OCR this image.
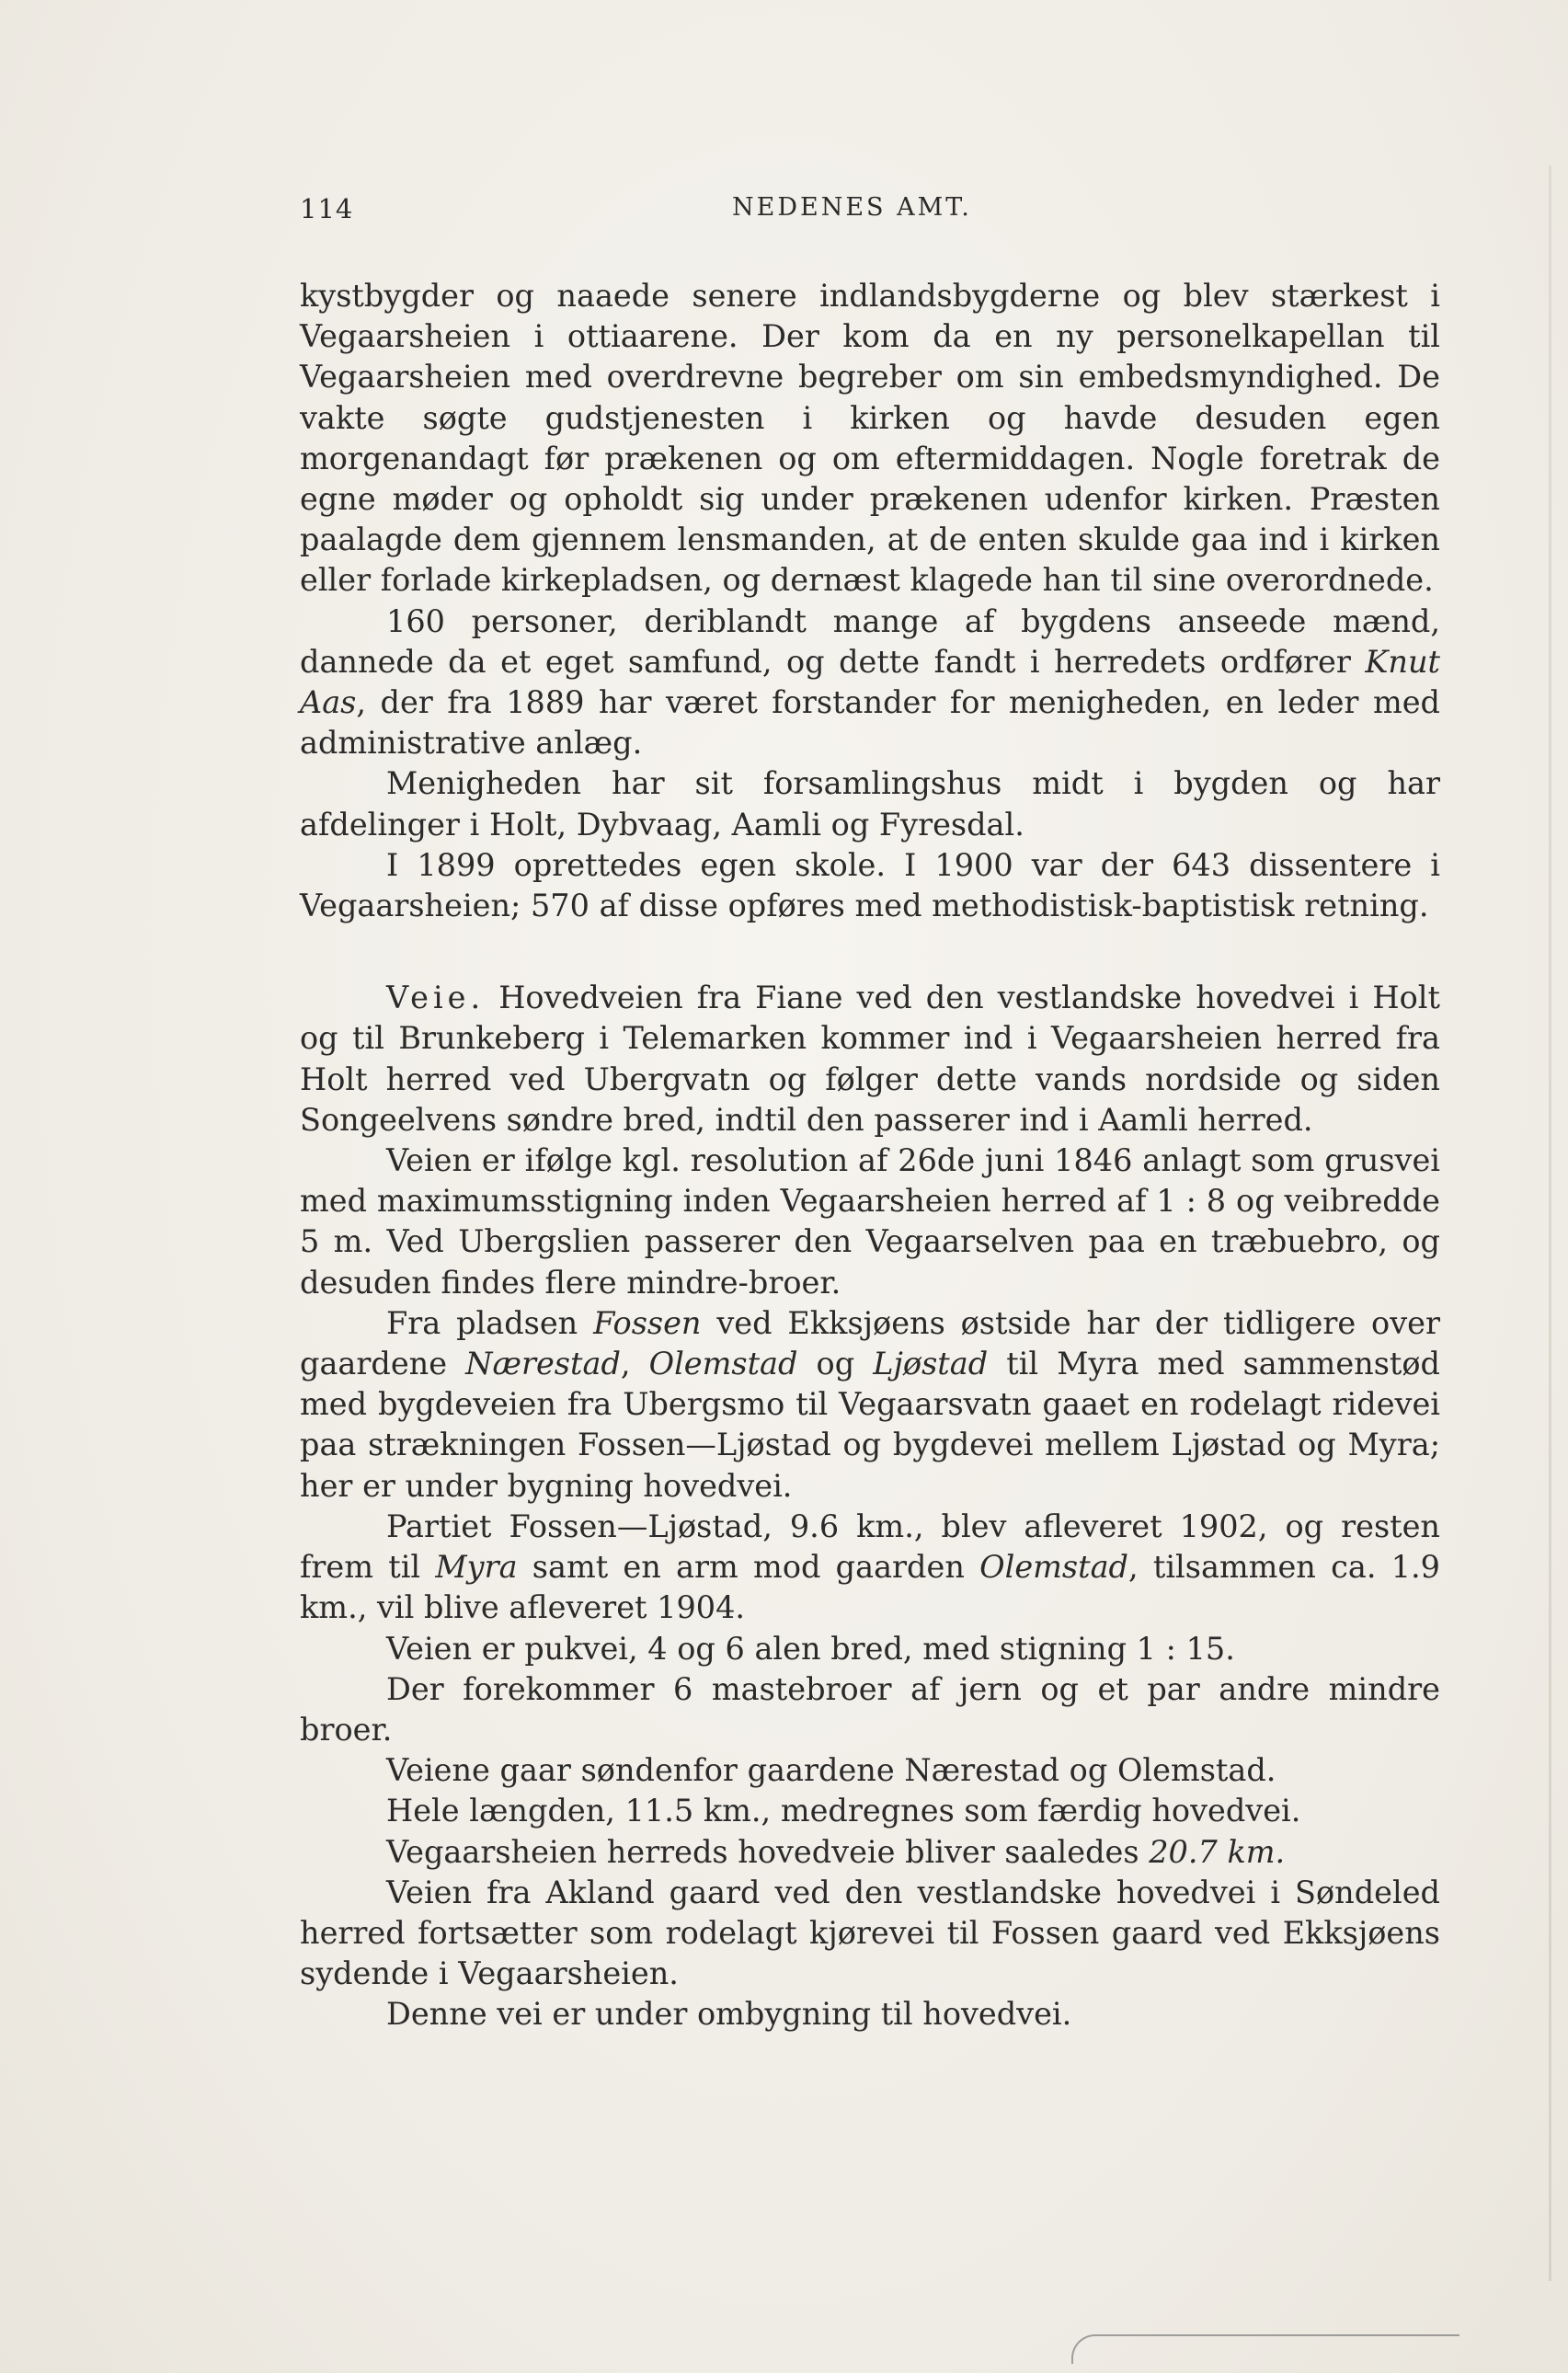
114	NEDENES AMT.

kystbygder og naaede senere indlandsbygderne og blev stærkest i Vegaarsheien i ottiaarene. Der kom da en ny personelkapellan til Vegaarsheien med overdrevne begreber om sin embedsmyndighed. De vakte søgte gudstjenesten i kirken og havde desuden egen morgenandagt før prækenen og om eftermiddagen. Nogle foretrak de egne møder og opholdt sig under prækenen udenfor kirken. Præsten paalagde dem gjennem lensmanden, at de enten skulde gaa ind i kirken eller forlade kirkepladsen, og dernæst klagede han til sine overordnede.

160 personer, deriblandt mange af bygdens anseede mænd, dannede da et eget samfund, og dette fandt i herredets ordfører Knut Aas, der fra 1889 har været forstander for menigheden, en leder med administrative anlæg.

Menigheden har sit forsamlingshus midt i bygden og har afdelinger i Holt, Dybvaag, Aamli og Fyresdal.

I 1899 oprettedes egen skole. I 1900 var der 643 dissentere i Vegaarsheien; 570 af disse opføres med methodistisk-baptistisk retning.

Veie. Hovedveien fra Fiane ved den vestlandske hovedvei i Holt og til Brunkeberg i Telemarken kommer ind i Vegaarsheien herred fra Holt herred ved Ubergvatn og følger dette vands nordside og siden Songeelvens søndre bred, indtil den passerer ind i Aamli herred.

Veien er ifølge kgl. resolution af 26de juni 1846 anlagt som grusvei med maximumsstigning inden Vegaarsheien herred af 1 : 8 og veibredde 5 m. Ved Ubergslien passerer den Vegaarselven paa en træbuebro, og desuden findes flere mindre-broer.

Fra pladsen Fossen ved Ekksjøens østside har der tidligere over gaardene Nærestad, Olemstad og Ljøstad til Myra med sammenstød med bygdeveien fra Ubergsmo til Vegaarsvatn gaaet en rodelagt ridevei paa strækningen Fossen—Ljøstad og bygdevei mellem Ljøstad og Myra; her er under bygning hovedvei.

Partiet Fossen—Ljøstad, 9.6 km., blev afleveret 1902, og resten frem til Myra samt en arm mod gaarden Olemstad, tilsammen ca. 1.9 km., vil blive afleveret 1904.

Veien er pukvei, 4 og 6 alen bred, med stigning 1 : 15.

Der forekommer 6 mastebroer af jern og et par andre mindre broer.

Veiene gaar søndenfor gaardene Nærestad og Olemstad.

Hele længden, 11.5 km., medregnes som færdig hovedvei.

Vegaarsheien herreds hovedveie bliver saaledes 20.7 km.

Veien fra Akland gaard ved den vestlandske hovedvei i Søndeled herred fortsætter som rodelagt kjørevei til Fossen gaard ved Ekksjøens sydende i Vegaarsheien.

Denne vei er under ombygning til hovedvei.
